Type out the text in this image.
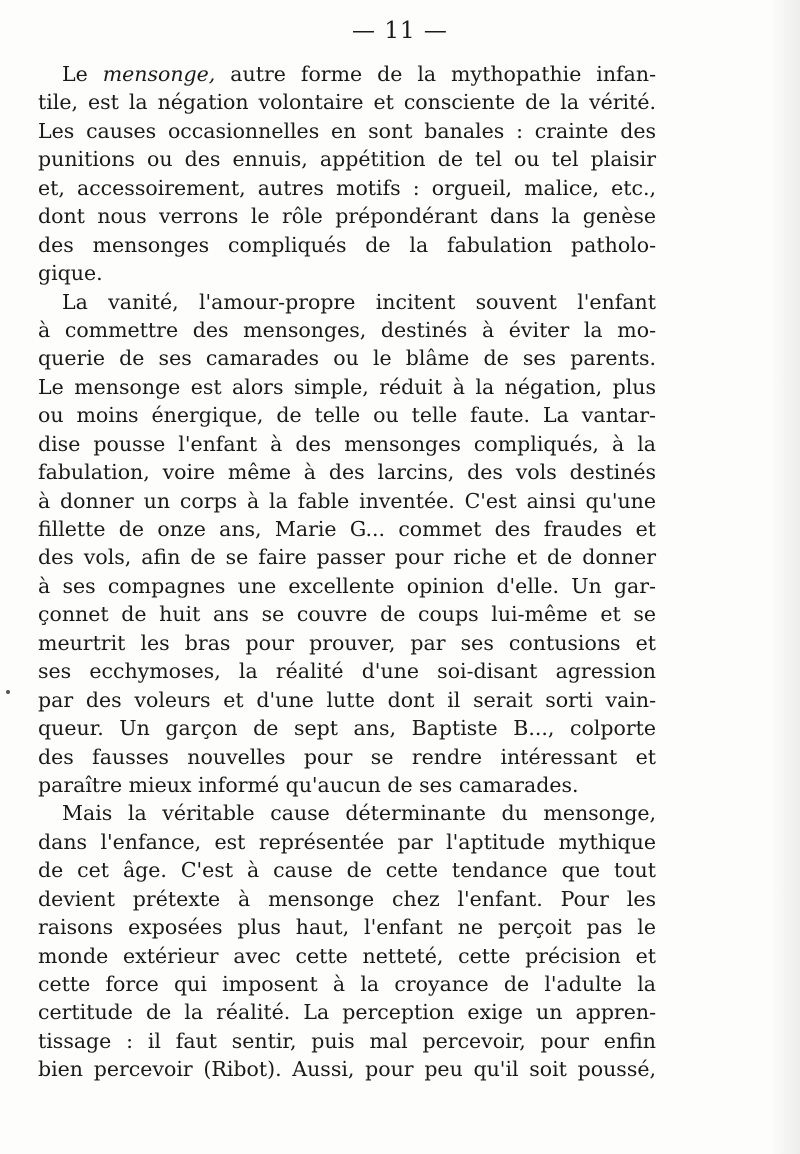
— 11 —
Le mensonge, autre forme de la mythopathie infan-
tile, est la négation volontaire et consciente de la vérité.
Les causes occasionnelles en sont banales : crainte des
punitions ou des ennuis, appétition de tel ou tel plaisir
et, accessoirement, autres motifs : orgueil, malice, etc.,
dont nous verrons le rôle prépondérant dans la genèse
des mensonges compliqués de la fabulation patholo-
gique.
La vanité, l'amour-propre incitent souvent l'enfant
à commettre des mensonges, destinés à éviter la mo-
querie de ses camarades ou le blâme de ses parents.
Le mensonge est alors simple, réduit à la négation, plus
ou moins énergique, de telle ou telle faute. La vantar-
dise pousse l'enfant à des mensonges compliqués, à la
fabulation, voire même à des larcins, des vols destinés
à donner un corps à la fable inventée. C'est ainsi qu'une
fillette de onze ans, Marie G... commet des fraudes et
des vols, afin de se faire passer pour riche et de donner
à ses compagnes une excellente opinion d'elle. Un gar-
çonnet de huit ans se couvre de coups lui-même et se
meurtrit les bras pour prouver, par ses contusions et
ses ecchymoses, la réalité d'une soi-disant agression
par des voleurs et d'une lutte dont il serait sorti vain-
queur. Un garçon de sept ans, Baptiste B..., colporte
des fausses nouvelles pour se rendre intéressant et
paraître mieux informé qu'aucun de ses camarades.
Mais la véritable cause déterminante du mensonge,
dans l'enfance, est représentée par l'aptitude mythique
de cet âge. C'est à cause de cette tendance que tout
devient prétexte à mensonge chez l'enfant. Pour les
raisons exposées plus haut, l'enfant ne perçoit pas le
monde extérieur avec cette netteté, cette précision et
cette force qui imposent à la croyance de l'adulte la
certitude de la réalité. La perception exige un appren-
tissage : il faut sentir, puis mal percevoir, pour enfin
bien percevoir (Ribot). Aussi, pour peu qu'il soit poussé,
